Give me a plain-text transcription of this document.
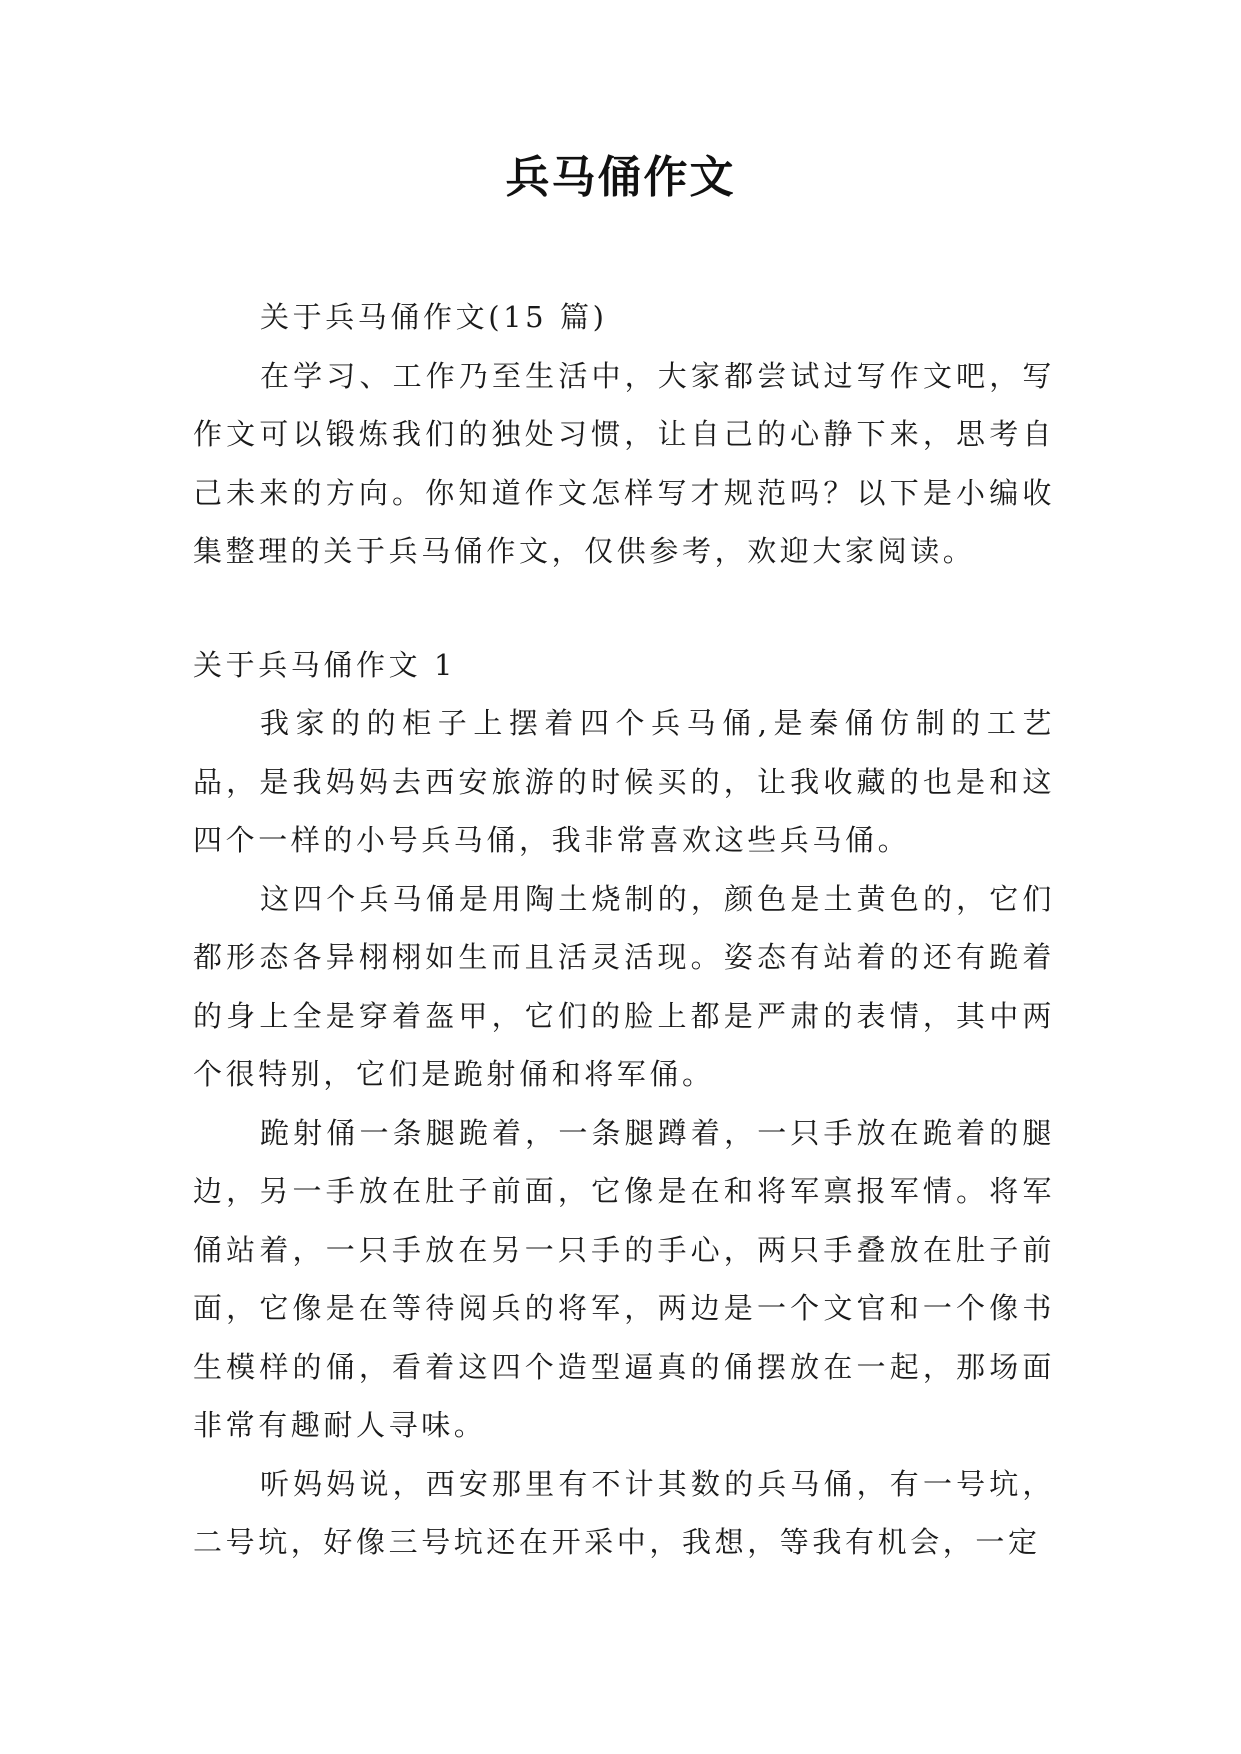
兵马俑作文

关于兵马俑作文(15 篇)

在学习、工作乃至生活中，大家都尝试过写作文吧，写作文可以锻炼我们的独处习惯，让自己的心静下来，思考自己未来的方向。你知道作文怎样写才规范吗？以下是小编收集整理的关于兵马俑作文，仅供参考，欢迎大家阅读。

关于兵马俑作文 1

我家的的柜子上摆着四个兵马俑,是秦俑仿制的工艺品，是我妈妈去西安旅游的时候买的，让我收藏的也是和这四个一样的小号兵马俑，我非常喜欢这些兵马俑。

这四个兵马俑是用陶土烧制的，颜色是土黄色的，它们都形态各异栩栩如生而且活灵活现。姿态有站着的还有跪着的身上全是穿着盔甲，它们的脸上都是严肃的表情，其中两个很特别，它们是跪射俑和将军俑。

跪射俑一条腿跪着，一条腿蹲着，一只手放在跪着的腿边，另一手放在肚子前面，它像是在和将军禀报军情。将军俑站着，一只手放在另一只手的手心，两只手叠放在肚子前面，它像是在等待阅兵的将军，两边是一个文官和一个像书生模样的俑，看着这四个造型逼真的俑摆放在一起，那场面非常有趣耐人寻味。

听妈妈说，西安那里有不计其数的兵马俑，有一号坑，二号坑，好像三号坑还在开采中，我想，等我有机会，一定
